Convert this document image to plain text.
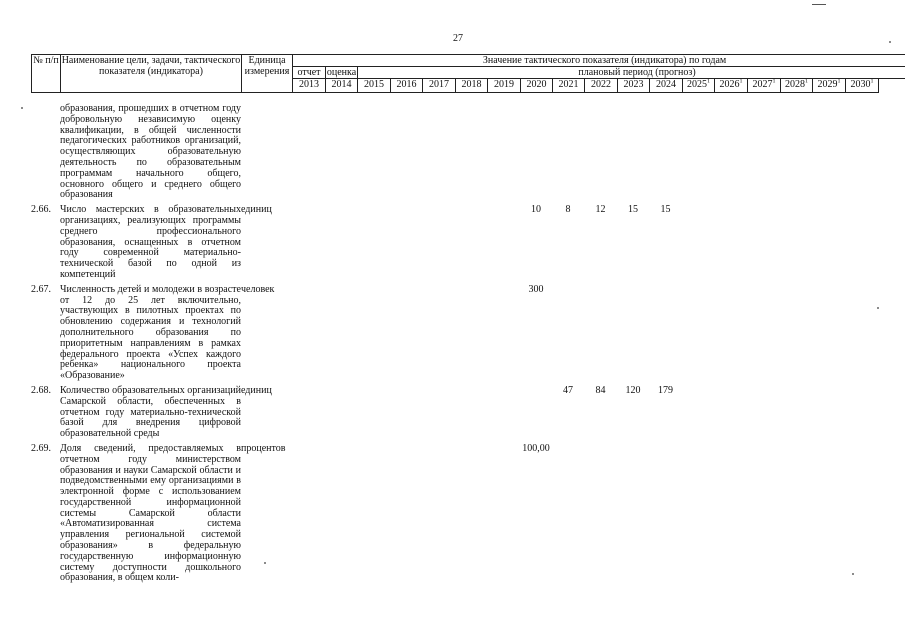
27
№ п/п	Наименование цели, задачи, тактического показателя (индикатора)	Единица измерения	Значение тактического показателя (индикатора) по годам																	
			отчет	оценка	плановый период (прогноз)															
			2013	2014	2015	2016	2017	2018	2019	2020	2021	2022	2023	2024	2025$^1$	2026$^1$	2027$^1$	2028$^1$	2029$^1$	2030$^1$
	образования, прошедших в отчетном году добровольную независимую оценку квалификации, в общей численности педагогических работников организаций, осуществляющих образовательную деятельность по образовательным программам начального общего, основного общего и среднего общего образования																			
2.66.	Число мастерских в образовательных организациях, реализующих программы среднего профессионального образования, оснащенных в отчетном году современной материально-технической базой по одной из компетенций	единиц								10	8	12	15	15						
2.67.	Численность детей и молодежи в возрасте от 12 до 25 лет включительно, участвующих в пилотных проектах по обновлению содержания и технологий дополнительного образования по приоритетным направлениям в рамках федерального проекта «Успех каждого ребенка» национального проекта «Образование»	человек								300										
2.68.	Количество образовательных организаций Самарской области, обеспеченных в отчетном году материально-технической базой для внедрения цифровой образовательной среды	единиц									47	84	120	179						
2.69.	Доля сведений, предоставляемых в отчетном году министерством образования и науки Самарской области и подведомственными ему организациями в электронной форме с использованием государственной информационной системы Самарской области «Автоматизированная система управления региональной системой образования» в федеральную государственную информационную систему доступности дошкольного образования, в общем коли-	процентов								100,00										
